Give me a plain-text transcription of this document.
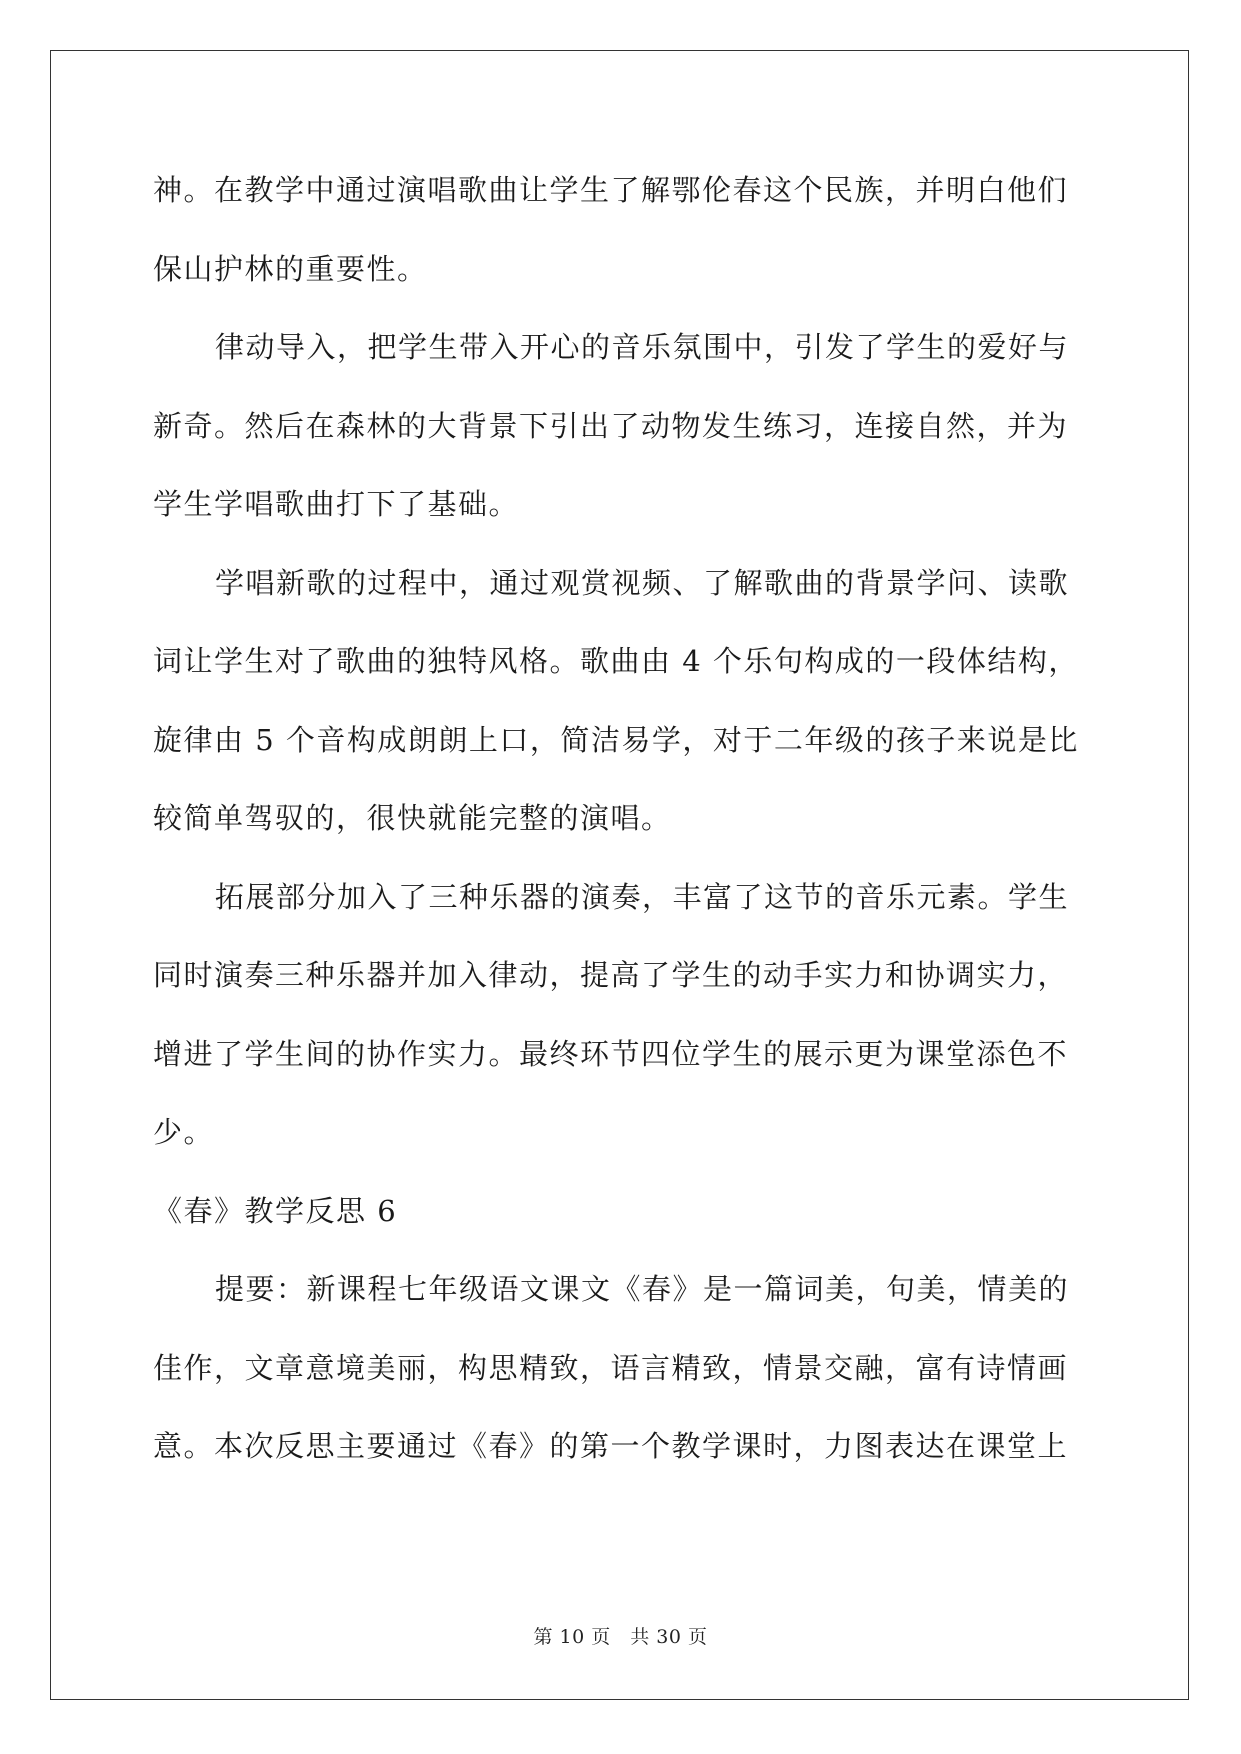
神。在教学中通过演唱歌曲让学生了解鄂伦春这个民族，并明白他们
保山护林的重要性。
律动导入，把学生带入开心的音乐氛围中，引发了学生的爱好与
新奇。然后在森林的大背景下引出了动物发生练习，连接自然，并为
学生学唱歌曲打下了基础。
学唱新歌的过程中，通过观赏视频、了解歌曲的背景学问、读歌
词让学生对了歌曲的独特风格。歌曲由 4 个乐句构成的一段体结构，
旋律由 5 个音构成朗朗上口，简洁易学，对于二年级的孩子来说是比
较简单驾驭的，很快就能完整的演唱。
拓展部分加入了三种乐器的演奏，丰富了这节的音乐元素。学生
同时演奏三种乐器并加入律动，提高了学生的动手实力和协调实力，
增进了学生间的协作实力。最终环节四位学生的展示更为课堂添色不
少。
《春》教学反思 6
提要：新课程七年级语文课文《春》是一篇词美，句美，情美的
佳作，文章意境美丽，构思精致，语言精致，情景交融，富有诗情画
意。本次反思主要通过《春》的第一个教学课时，力图表达在课堂上
第 10 页　共 30 页
